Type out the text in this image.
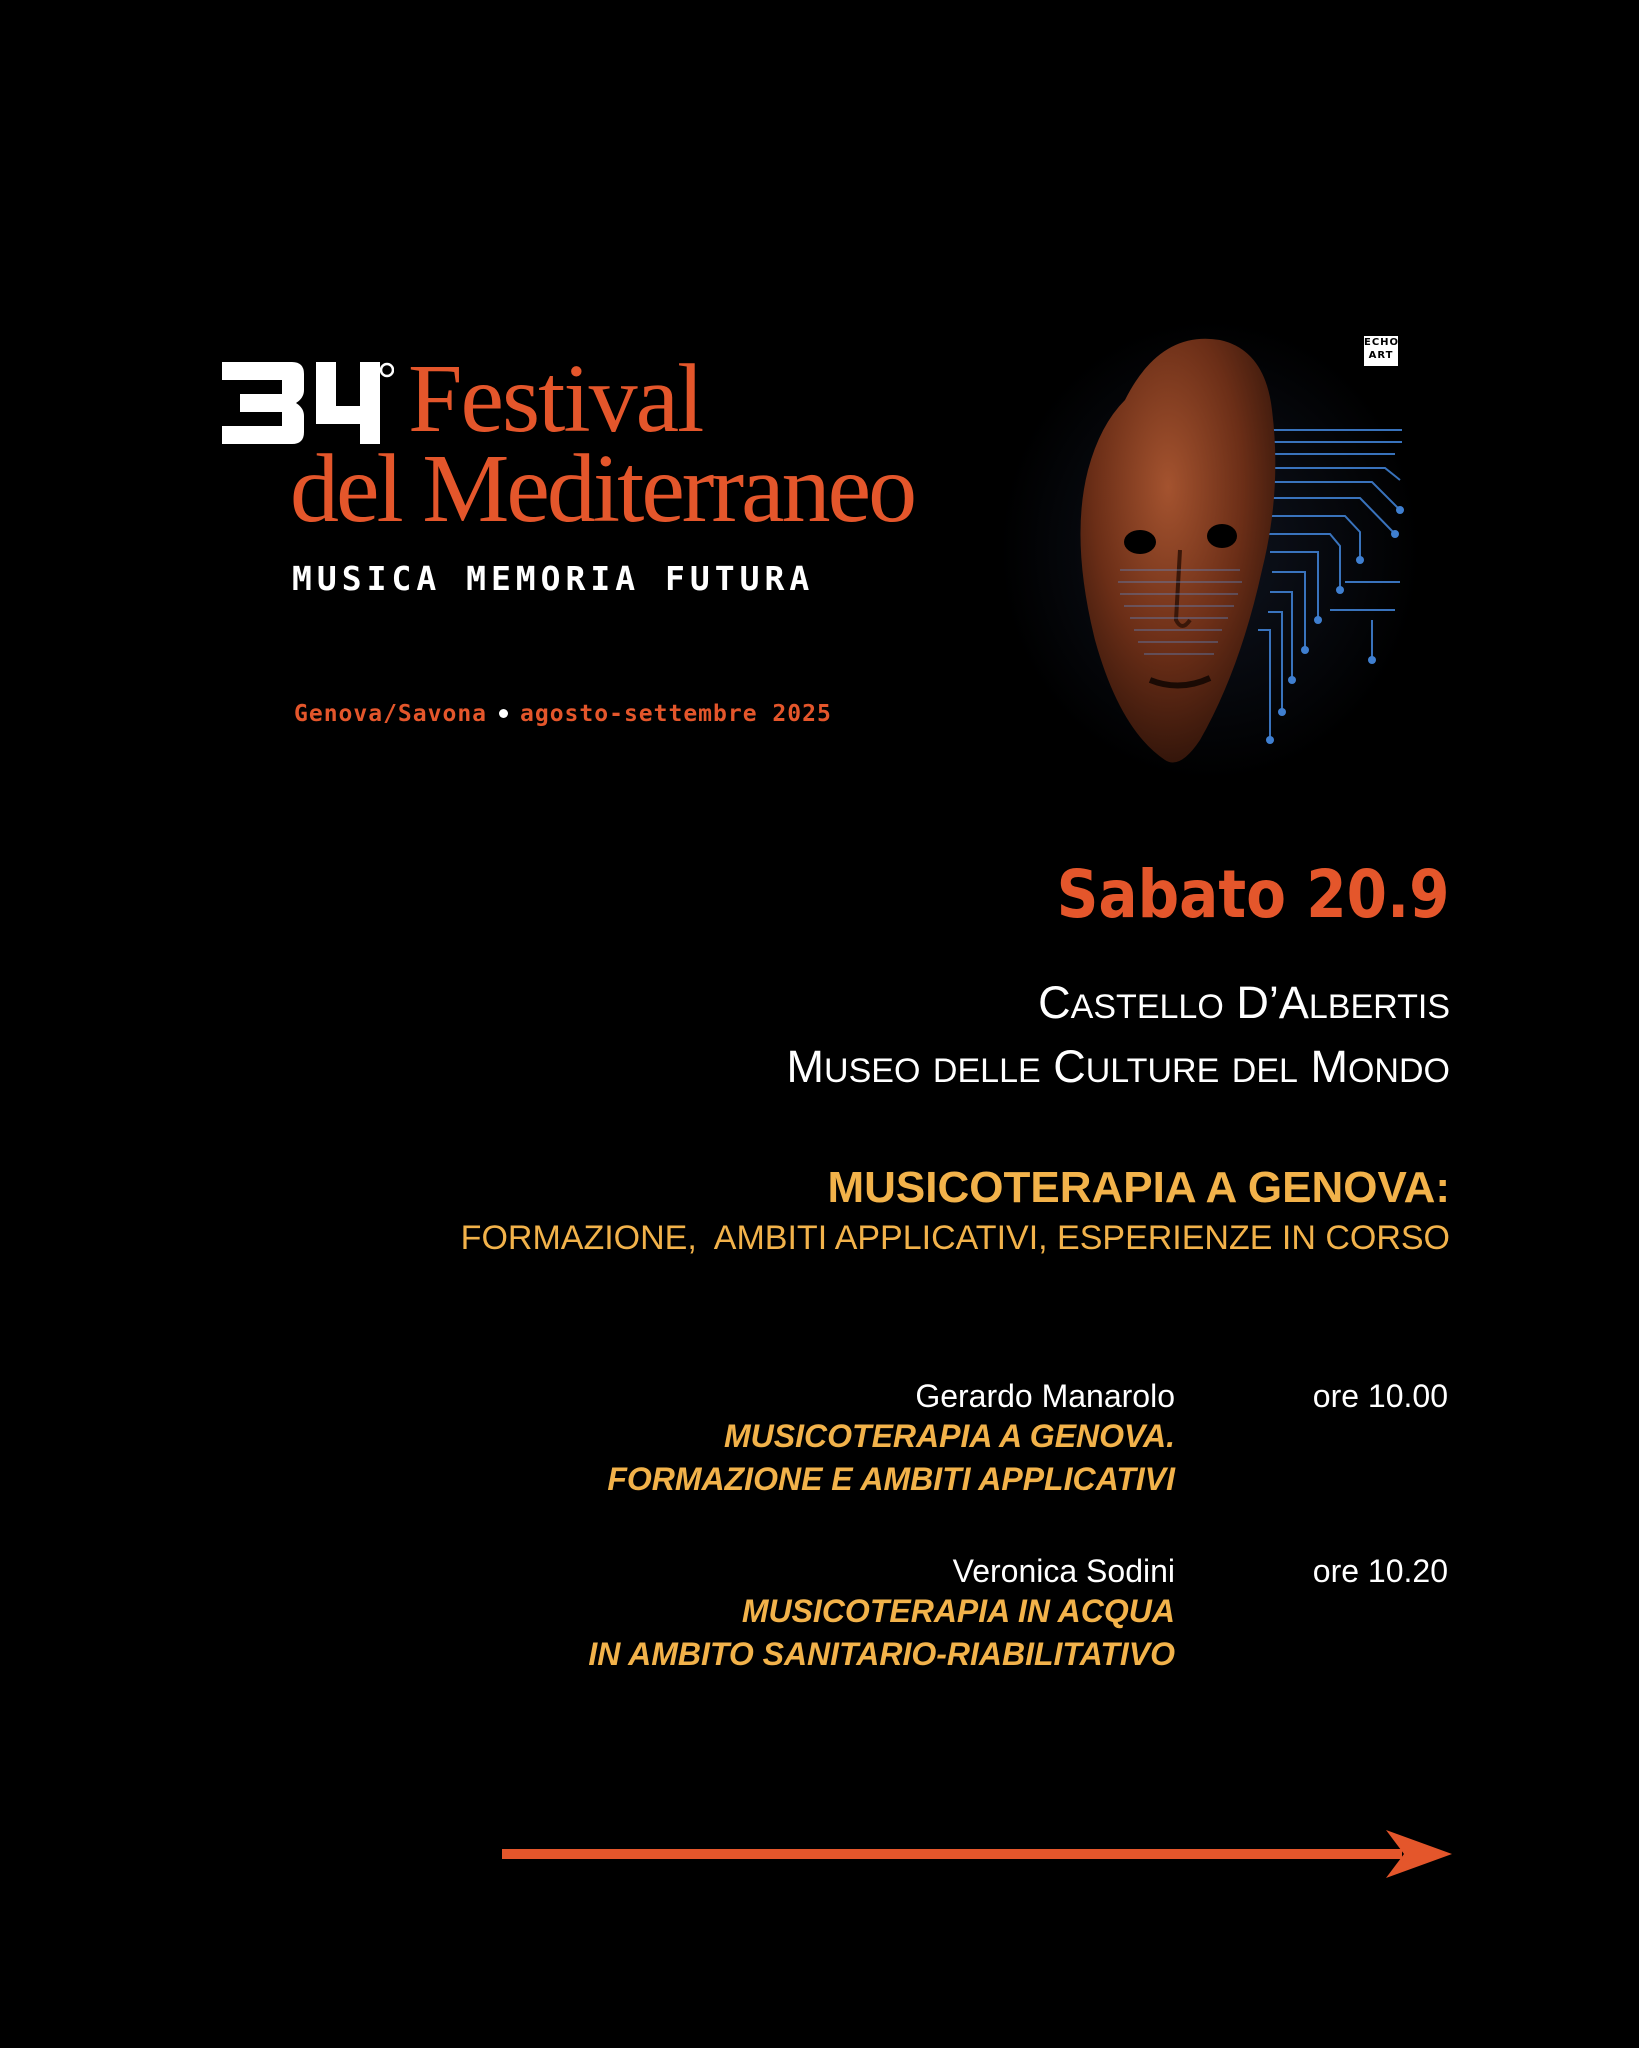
Festival
del Mediterraneo
MUSICA MEMORIA FUTURA
Genova/Savona agosto-settembre 2025
ECHO
ART
Sabato 20.9
CASTELLO D’ALBERTIS
MUSEO DELLE CULTURE DEL MONDO
MUSICOTERAPIA A GENOVA:
FORMAZIONE,  AMBITI APPLICATIVI, ESPERIENZE IN CORSO
Gerardo Manarolo	ore 10.00
MUSICOTERAPIA A GENOVA.
FORMAZIONE E AMBITI APPLICATIVI
Veronica Sodini	ore 10.20
MUSICOTERAPIA IN ACQUA
IN AMBITO SANITARIO-RIABILITATIVO
